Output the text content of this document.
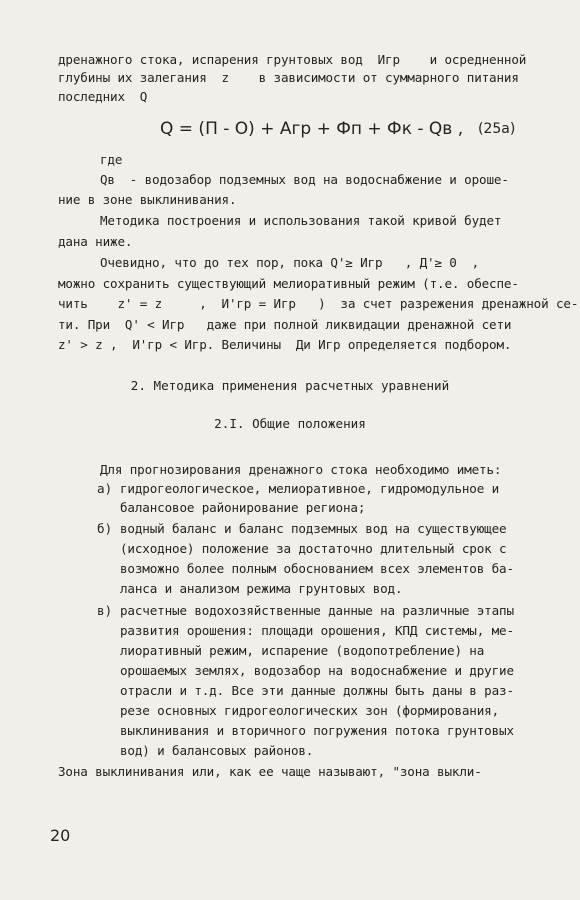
дренажного стока, испарения грунтовых вод  Игр    и осредненной
глубины их залегания  z    в зависимости от суммарного питания
последних  Q
Q = (П - О) + Aгр + Фп + Фк - Qв , (25а)
где
Qв  - водозабор подземных вод на водоснабжение и ороше-
ние в зоне выклинивания.
Методика построения и использования такой кривой будет
дана ниже.
Очевидно, что до тех пор, пока Q'≥ Игр   , Д'≥ 0  ,
можно сохранить существующий мелиоративный режим (т.е. обеспе-
чить    z' = z     ,  И'гр = Игр   )  за счет разрежения дренажной се-
ти. При  Q' < Игр   даже при полной ликвидации дренажной сети
z' > z ,  И'гр < Игр. Величины  Ди Игр определяется подбором.
2. Методика применения расчетных уравнений
2.I. Общие положения
Для прогнозирования дренажного стока необходимо иметь:
а) гидрогеологическое, мелиоративное, гидромодульное и
балансовое районирование региона;
б) водный баланс и баланс подземных вод на существующее
(исходное) положение за достаточно длительный срок с
возможно более полным обоснованием всех элементов ба-
ланса и анализом режима грунтовых вод.
в) расчетные водохозяйственные данные на различные этапы
развития орошения: площади орошения, КПД системы, ме-
лиоративный режим, испарение (водопотребление) на
орошаемых землях, водозабор на водоснабжение и другие
отрасли и т.д. Все эти данные должны быть даны в раз-
резе основных гидрогеологических зон (формирования,
выклинивания и вторичного погружения потока грунтовых
вод) и балансовых районов.
Зона выклинивания или, как ее чаще называют, "зона выкли-
20
